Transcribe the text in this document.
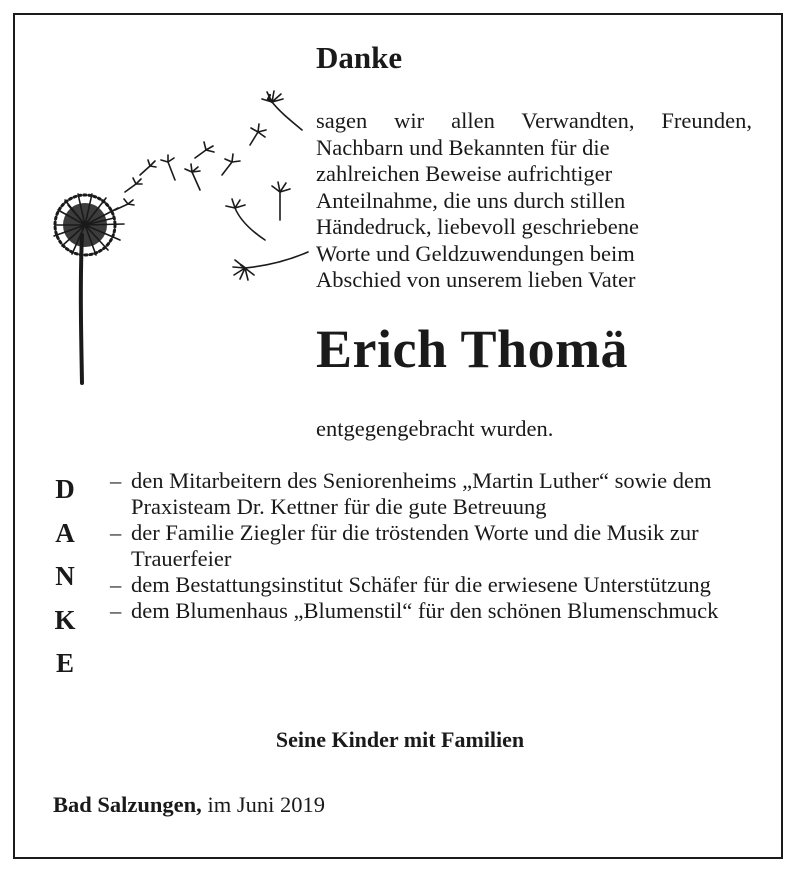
Danke

sagen wir allen Verwandten, Freunden,
Nachbarn und Bekannten für die
zahlreichen Beweise aufrichtiger
Anteilnahme, die uns durch stillen
Händedruck, liebevoll geschriebene
Worte und Geldzuwendungen beim
Abschied von unserem lieben Vater

Erich Thomä

entgegengebracht wurden.

D
A
N
K
E
– den Mitarbeitern des Seniorenheims „Martin Luther“ sowie dem Praxisteam Dr. Kettner für die gute Betreuung
– der Familie Ziegler für die tröstenden Worte und die Musik zur Trauerfeier
– dem Bestattungsinstitut Schäfer für die erwiesene Unterstützung
– dem Blumenhaus „Blumenstil“ für den schönen Blumenschmuck

Seine Kinder mit Familien

Bad Salzungen, im Juni 2019
